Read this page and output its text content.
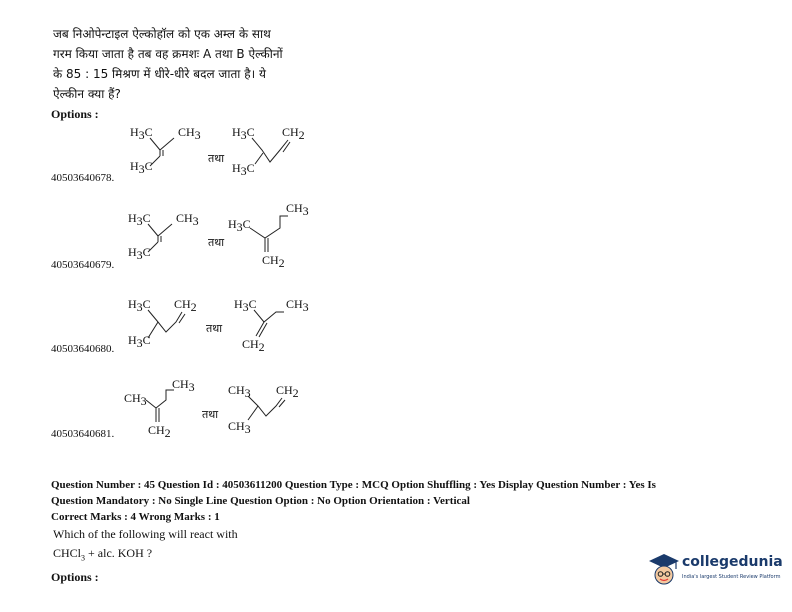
जब निओपेन्टाइल ऐल्कोहॉल को एक अम्ल के साथ
गरम किया जाता है तब वह क्रमशः A तथा B ऐल्कीनों
के 85 : 15 मिश्रण में धीरे-धीरे बदल जाता है। ये
ऐल्कीन क्या हैं?
Options :
H3C CH3
H3C
तथा
H3C CH2
H3C
40503640678.
H3C CH3
H3C
तथा
H3C
CH3
CH2
40503640679.
H3C CH2
H3C
तथा
H3C CH3
CH2
40503640680.
CH3
CH3
CH2
तथा
CH3 CH2
CH3
40503640681.
Question Number : 45 Question Id : 40503611200 Question Type : MCQ Option Shuffling : Yes Display Question Number : Yes Is
Question Mandatory : No Single Line Question Option : No Option Orientation : Vertical
Correct Marks : 4 Wrong Marks : 1
Which of the following will react with
CHCl$_3$ + alc. KOH ?
Options :
collegedunia
India's largest Student Review Platform
